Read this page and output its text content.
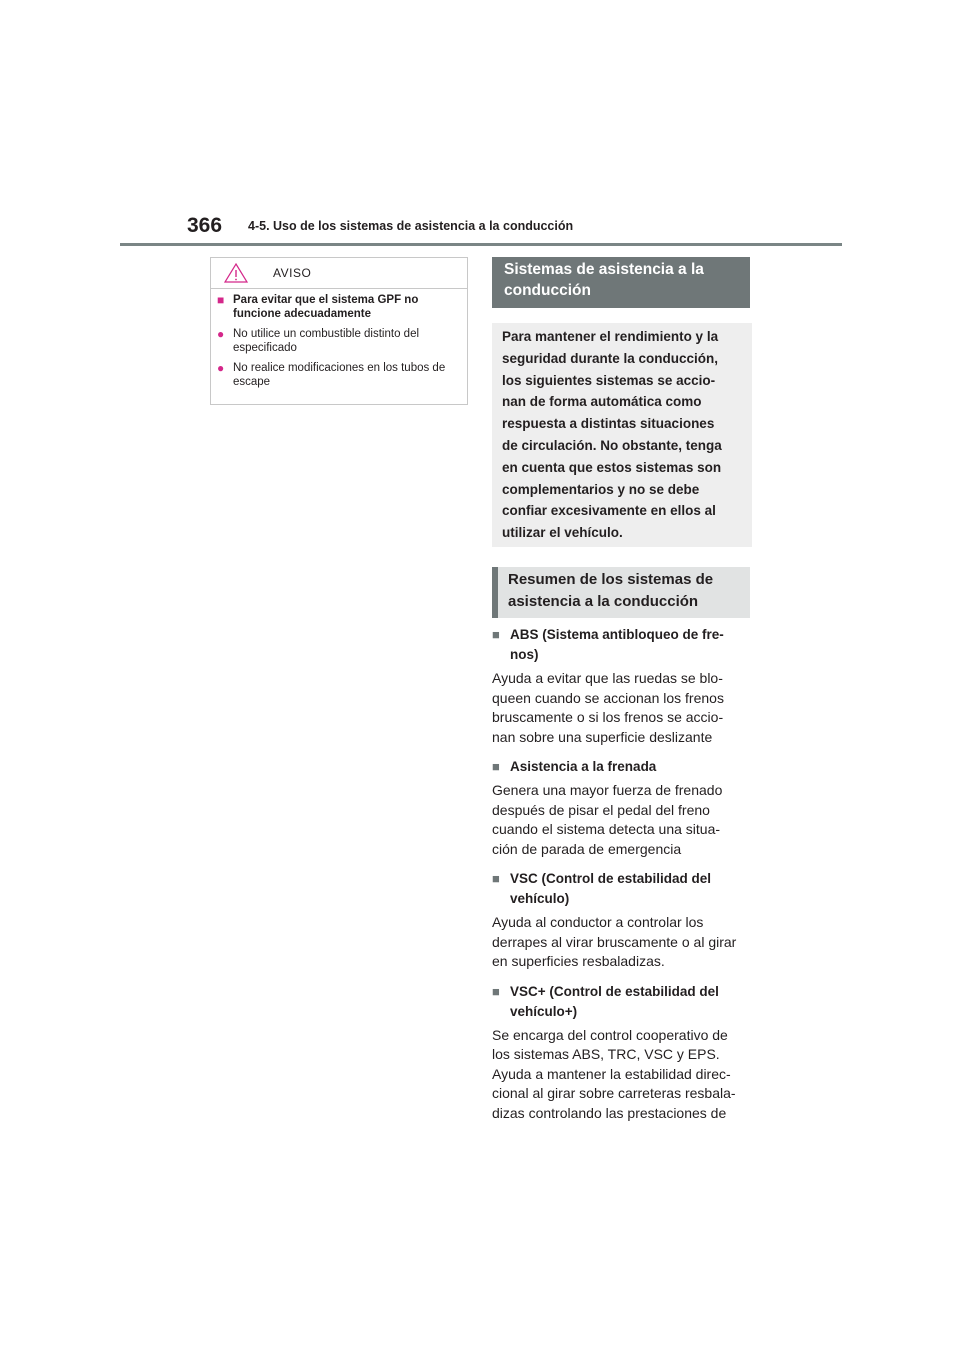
366 4-5. Uso de los sistemas de asistencia a la conducción
AVISO
■ Para evitar que el sistema GPF no funcione adecuadamente
● No utilice un combustible distinto del especificado
● No realice modificaciones en los tubos de escape
Sistemas de asistencia a la conducción

Para mantener el rendimiento y la

seguridad durante la conducción,

los siguientes sistemas se accio-

nan de forma automática como

respuesta a distintas situaciones

de circulación. No obstante, tenga

en cuenta que estos sistemas son

complementarios y no se debe

confiar excesivamente en ellos al

utilizar el vehículo.

Resumen de los sistemas de asistencia a la conducción
■ ABS (Sistema antibloqueo de fre-
nos)

Ayuda a evitar que las ruedas se blo-
queen cuando se accionan los frenos
bruscamente o si los frenos se accio-
nan sobre una superficie deslizante

■ Asistencia a la frenada

Genera una mayor fuerza de frenado
después de pisar el pedal del freno
cuando el sistema detecta una situa-
ción de parada de emergencia

■ VSC (Control de estabilidad del
vehículo)

Ayuda al conductor a controlar los
derrapes al virar bruscamente o al girar
en superficies resbaladizas.

■ VSC+ (Control de estabilidad del
vehículo+)

Se encarga del control cooperativo de
los sistemas ABS, TRC, VSC y EPS.
Ayuda a mantener la estabilidad direc-
cional al girar sobre carreteras resbala-
dizas controlando las prestaciones de
